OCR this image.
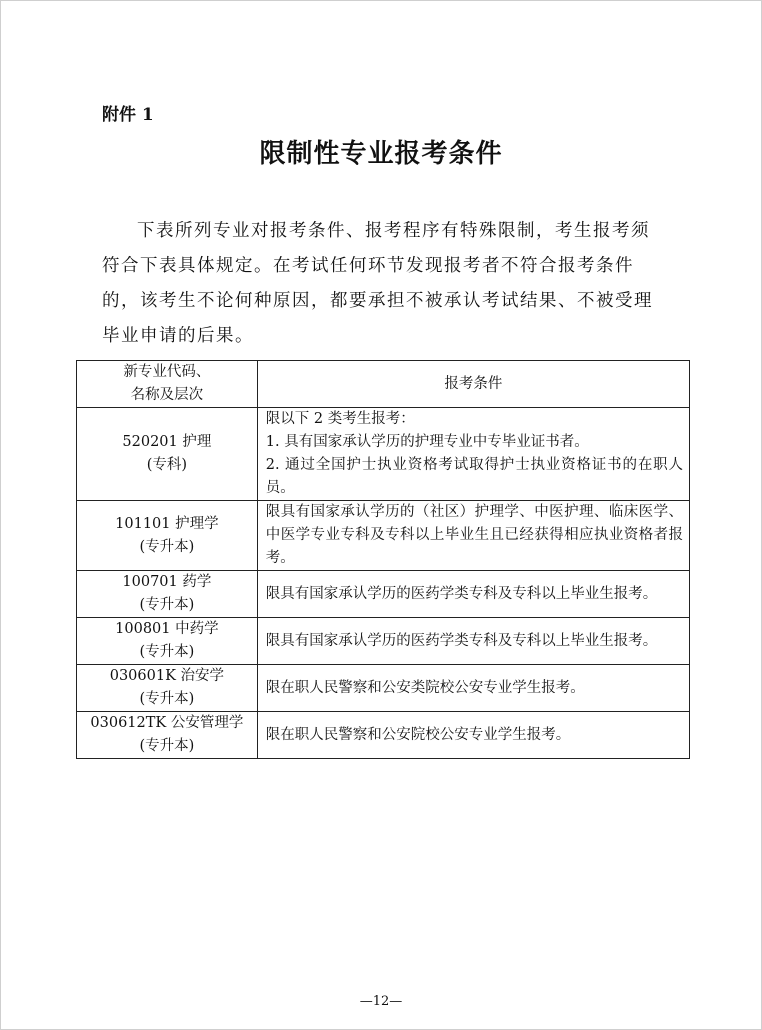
附件 1
限制性专业报考条件

下表所列专业对报考条件、报考程序有特殊限制，考生报考须符合下表具体规定。在考试任何环节发现报考者不符合报考条件的，该考生不论何种原因，都要承担不被承认考试结果、不被受理毕业申请的后果。

新专业代码、
名称及层次	报考条件

520201 护理
(专科)	限以下 2 类考生报考：
1. 具有国家承认学历的护理专业中专毕业证书者。
2. 通过全国护士执业资格考试取得护士执业资格证书的在职人员。

101101 护理学
(专升本)	限具有国家承认学历的（社区）护理学、中医护理、临床医学、中医学专业专科及专科以上毕业生且已经获得相应执业资格者报考。

100701 药学
(专升本)	限具有国家承认学历的医药学类专科及专科以上毕业生报考。

100801 中药学
(专升本)	限具有国家承认学历的医药学类专科及专科以上毕业生报考。

030601K 治安学
(专升本)	限在职人民警察和公安类院校公安专业学生报考。

030612TK 公安管理学
(专升本)	限在职人民警察和公安院校公安专业学生报考。
—12—
